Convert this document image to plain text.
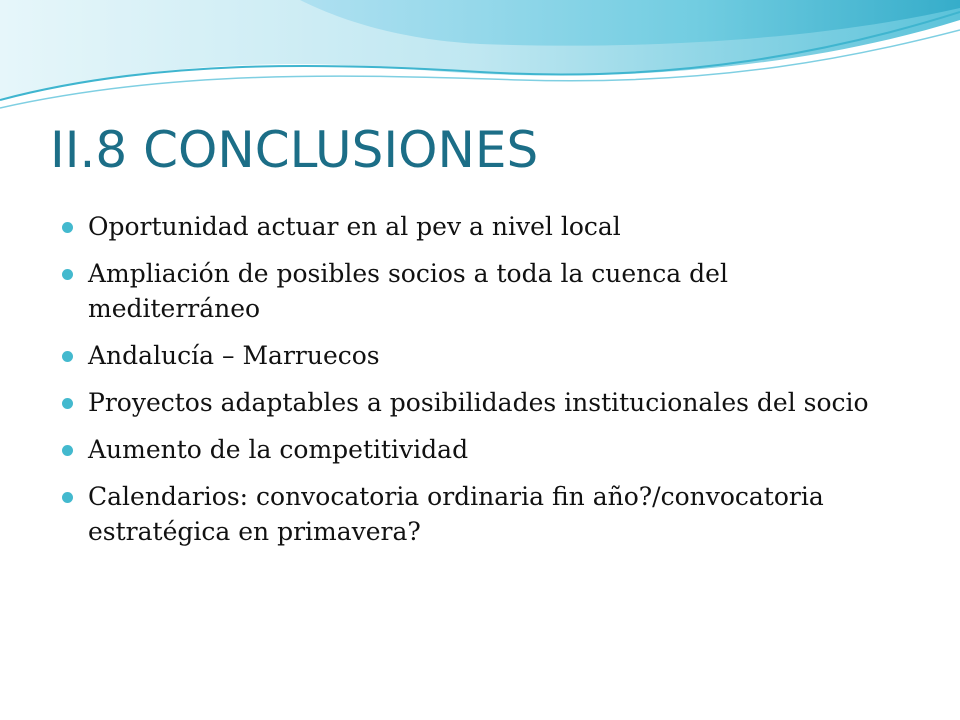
II.8 CONCLUSIONES
Oportunidad actuar en al pev a nivel local
Ampliación de posibles socios a toda la cuenca del mediterráneo
Andalucía – Marruecos
Proyectos adaptables a posibilidades institucionales del socio
Aumento de la competitividad
Calendarios: convocatoria ordinaria fin año?/convocatoria estratégica en primavera?
